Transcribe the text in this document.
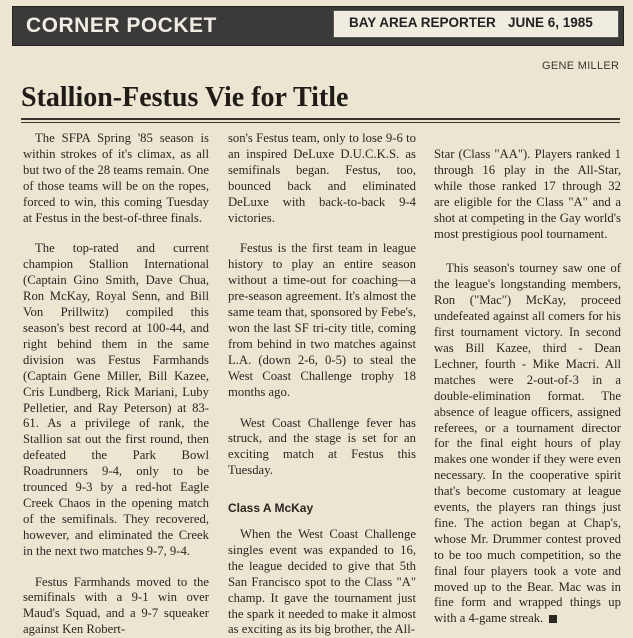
CORNER POCKET	BAY AREA REPORTER JUNE 6, 1985
GENE MILLER
Stallion-Festus Vie for Title

The SFPA Spring '85 season is within strokes of it's climax, as all but two of the 28 teams remain. One of those teams will be on the ropes, forced to win, this coming Tuesday at Festus in the best-of-three finals.

The top-rated and current champion Stallion International (Captain Gino Smith, Dave Chua, Ron McKay, Royal Senn, and Bill Von Prillwitz) compiled this season's best record at 100-44, and right behind them in the same division was Festus Farmhands (Captain Gene Miller, Bill Kazee, Cris Lundberg, Rick Mariani, Luby Pelletier, and Ray Peterson) at 83-61. As a privilege of rank, the Stallion sat out the first round, then defeated the Park Bowl Roadrunners 9-4, only to be trounced 9-3 by a red-hot Eagle Creek Chaos in the opening match of the semifinals. They recovered, however, and eliminated the Creek in the next two matches 9-7, 9-4.

Festus Farmhands moved to the semifinals with a 9-1 win over Maud's Squad, and a 9-7 squeaker against Ken Robert-

son's Festus team, only to lose 9-6 to an inspired DeLuxe D.U.C.K.S. as semifinals began. Festus, too, bounced back and eliminated DeLuxe with back-to-back 9-4 victories.

Festus is the first team in league history to play an entire season without a time-out for coaching—a pre-season agreement. It's almost the same team that, sponsored by Febe's, won the last SF tri-city title, coming from behind in two matches against L.A. (down 2-6, 0-5) to steal the West Coast Challenge trophy 18 months ago.

West Coast Challenge fever has struck, and the stage is set for an exciting match at Festus this Tuesday.

Class A McKay

When the West Coast Challenge singles event was expanded to 16, the league decided to give that 5th San Francisco spot to the Class "A" champ. It gave the tournament just the spark it needed to make it almost as exciting as its big brother, the All-

Star (Class "AA"). Players ranked 1 through 16 play in the All-Star, while those ranked 17 through 32 are eligible for the Class "A" and a shot at competing in the Gay world's most prestigious pool tournament.

This season's tourney saw one of the league's longstanding members, Ron ("Mac") McKay, proceed undefeated against all comers for his first tournament victory. In second was Bill Kazee, third - Dean Lechner, fourth - Mike Macri. All matches were 2-out-of-3 in a double-elimination format. The absence of league officers, assigned referees, or a tournament director for the final eight hours of play makes one wonder if they were even necessary. In the cooperative spirit that's become customary at league events, the players ran things just fine. The action began at Chap's, whose Mr. Drummer contest proved to be too much competition, so the final four players took a vote and moved up to the Bear. Mac was in fine form and wrapped things up with a 4-game streak.
